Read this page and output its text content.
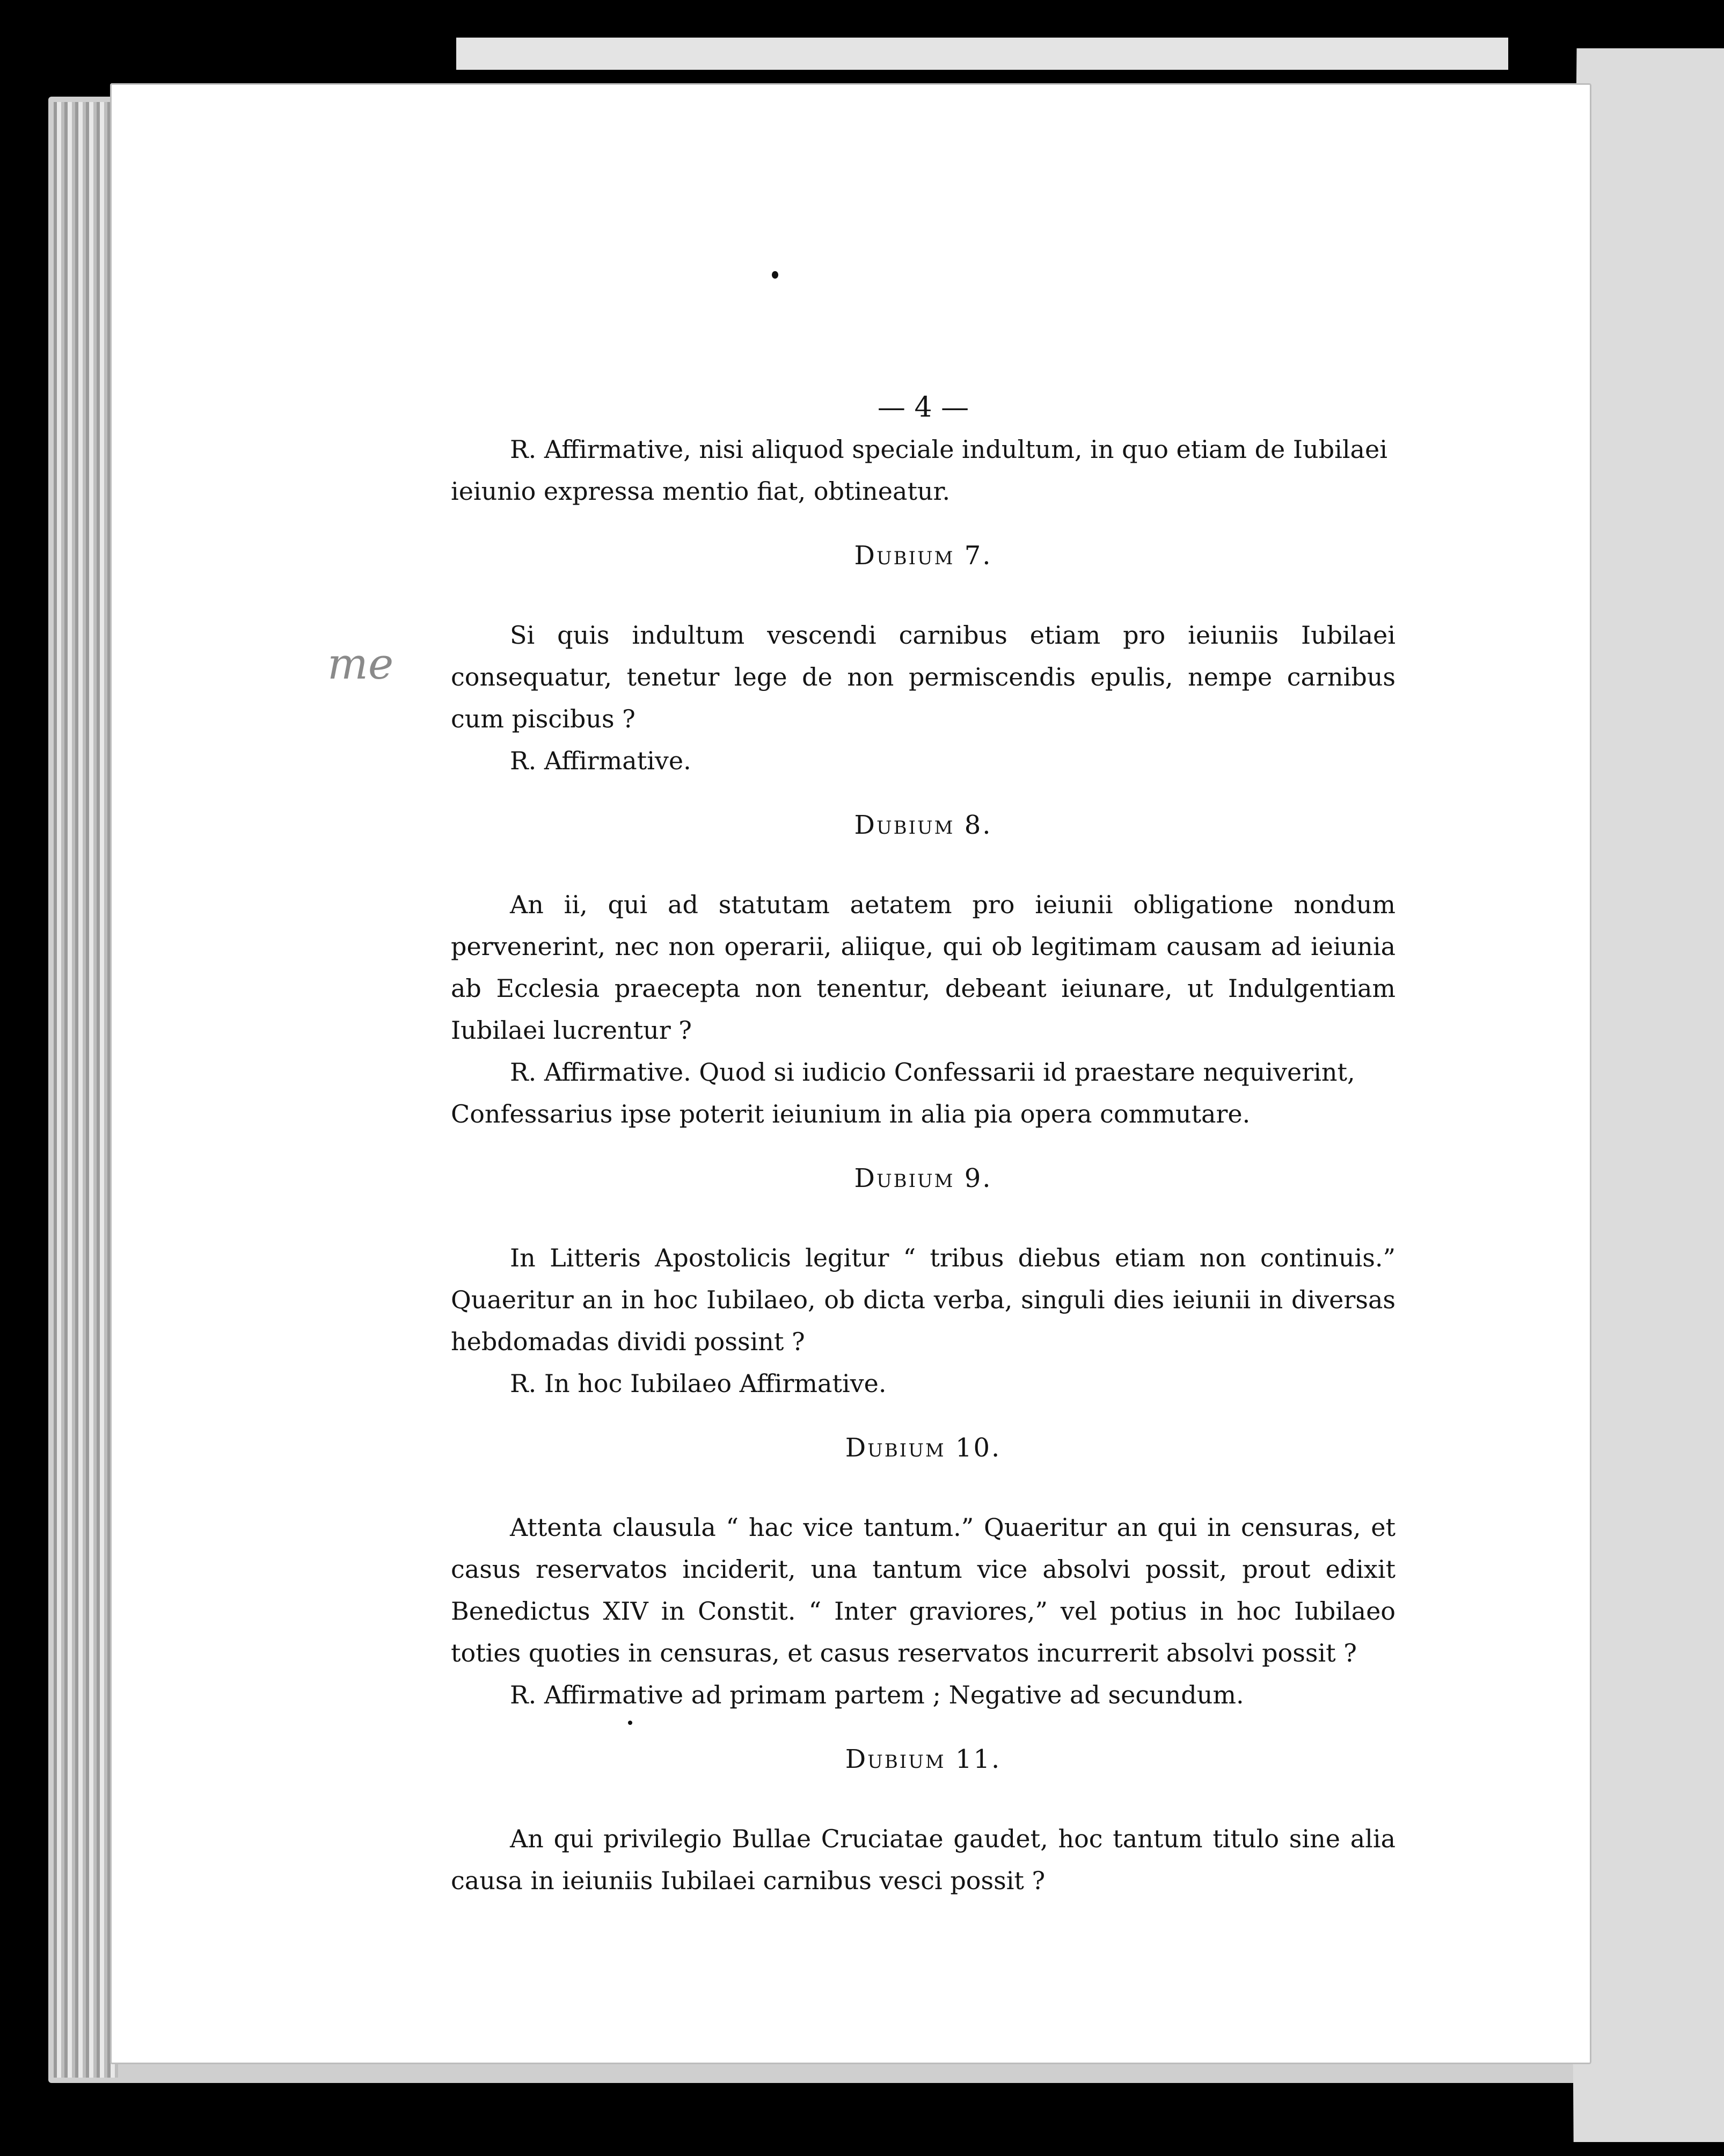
me
— 4 —

R. Affirmative, nisi aliquod speciale indultum, in quo etiam de Iubilaei ieiunio expressa mentio fiat, obtineatur.

Dubium 7.

Si quis indultum vescendi carnibus etiam pro ieiuniis Iubilaei consequatur, tenetur lege de non permiscendis epulis, nempe carnibus cum piscibus ?

R. Affirmative.

Dubium 8.

An ii, qui ad statutam aetatem pro ieiunii obligatione nondum pervenerint, nec non operarii, aliique, qui ob legitimam causam ad ieiunia ab Ecclesia praecepta non tenentur, debeant ieiunare, ut Indulgentiam Iubilaei lucrentur ?

R. Affirmative. Quod si iudicio Confessarii id praestare nequiverint, Confessarius ipse poterit ieiunium in alia pia opera commutare.

Dubium 9.

In Litteris Apostolicis legitur “ tribus diebus etiam non continuis.” Quaeritur an in hoc Iubilaeo, ob dicta verba, singuli dies ieiunii in diversas hebdomadas dividi possint ?

R. In hoc Iubilaeo Affirmative.

Dubium 10.

Attenta clausula “ hac vice tantum.” Quaeritur an qui in censuras, et casus reservatos inciderit, una tantum vice absolvi possit, prout edixit Benedictus XIV in Constit. “ Inter graviores,” vel potius in hoc Iubilaeo toties quoties in censuras, et casus reservatos incurrerit absolvi possit ?

R. Affirmative ad primam partem ; Negative ad secundum.

Dubium 11.

An qui privilegio Bullae Cruciatae gaudet, hoc tantum titulo sine alia causa in ieiuniis Iubilaei carnibus vesci possit ?
